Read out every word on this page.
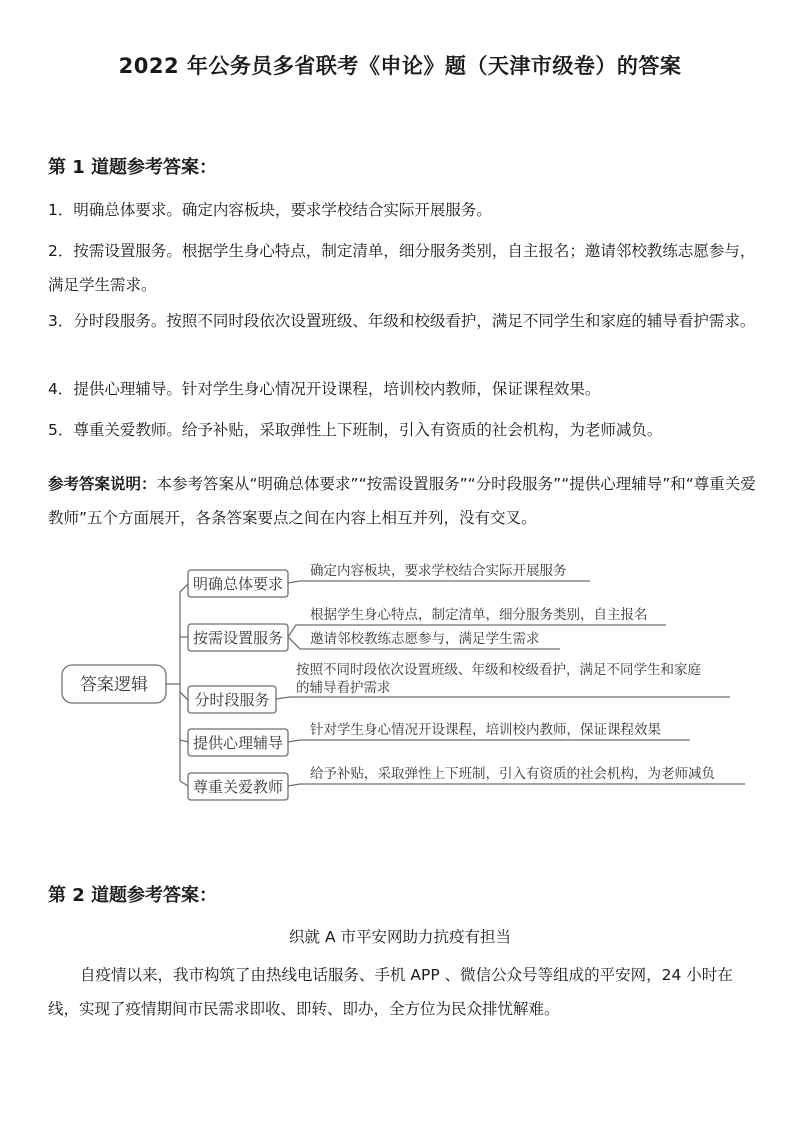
2022 年公务员多省联考《申论》题（天津市级卷）的答案
第 1 道题参考答案：
1．明确总体要求。确定内容板块，要求学校结合实际开展服务。
2．按需设置服务。根据学生身心特点，制定清单，细分服务类别，自主报名；邀请邻校教练志愿参与，满足学生需求。
3．分时段服务。按照不同时段依次设置班级、年级和校级看护，满足不同学生和家庭的辅导看护需求。
4．提供心理辅导。针对学生身心情况开设课程，培训校内教师，保证课程效果。
5．尊重关爱教师。给予补贴，采取弹性上下班制，引入有资质的社会机构，为老师减负。
参考答案说明：本参考答案从“明确总体要求”“按需设置服务”“分时段服务”“提供心理辅导”和“尊重关爱教师”五个方面展开，各条答案要点之间在内容上相互并列，没有交叉。
答案逻辑
明确总体要求
按需设置服务
分时段服务
提供心理辅导
尊重关爱教师
确定内容板块，要求学校结合实际开展服务
根据学生身心特点，制定清单，细分服务类别，自主报名
邀请邻校教练志愿参与，满足学生需求
按照不同时段依次设置班级、年级和校级看护，满足不同学生和家庭
的辅导看护需求
针对学生身心情况开设课程，培训校内教师，保证课程效果
给予补贴，采取弹性上下班制，引入有资质的社会机构，为老师减负
第 2 道题参考答案：
织就 A 市平安网助力抗疫有担当
自疫情以来，我市构筑了由热线电话服务、手机 APP 、微信公众号等组成的平安网，24 小时在线，实现了疫情期间市民需求即收、即转、即办，全方位为民众排忧解难。
